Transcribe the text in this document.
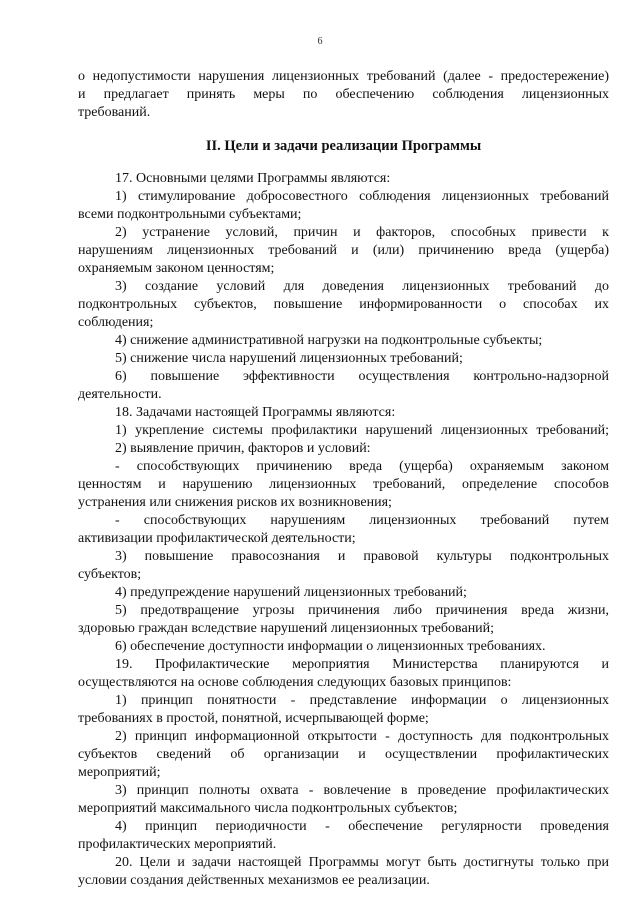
6
о недопустимости нарушения лицензионных требований (далее - предостережение)
и предлагает принять меры по обеспечению соблюдения лицензионных
требований.
II. Цели и задачи реализации Программы
17. Основными целями Программы являются:
1) стимулирование добросовестного соблюдения лицензионных требований
всеми подконтрольными субъектами;
2) устранение условий, причин и факторов, способных привести к
нарушениям лицензионных требований и (или) причинению вреда (ущерба)
охраняемым законом ценностям;
3) создание условий для доведения лицензионных требований до
подконтрольных субъектов, повышение информированности о способах их
соблюдения;
4) снижение административной нагрузки на подконтрольные субъекты;
5) снижение числа нарушений лицензионных требований;
6) повышение эффективности осуществления контрольно-надзорной
деятельности.
18. Задачами настоящей Программы являются:
1) укрепление системы профилактики нарушений лицензионных требований;
2) выявление причин, факторов и условий:
- способствующих причинению вреда (ущерба) охраняемым законом
ценностям и нарушению лицензионных требований, определение способов
устранения или снижения рисков их возникновения;
- способствующих нарушениям лицензионных требований путем
активизации профилактической деятельности;
3) повышение правосознания и правовой культуры подконтрольных
субъектов;
4) предупреждение нарушений лицензионных требований;
5) предотвращение угрозы причинения либо причинения вреда жизни,
здоровью граждан вследствие нарушений лицензионных требований;
6) обеспечение доступности информации о лицензионных требованиях.
19. Профилактические мероприятия Министерства планируются и
осуществляются на основе соблюдения следующих базовых принципов:
1) принцип понятности - представление информации о лицензионных
требованиях в простой, понятной, исчерпывающей форме;
2) принцип информационной открытости - доступность для подконтрольных
субъектов сведений об организации и осуществлении профилактических
мероприятий;
3) принцип полноты охвата - вовлечение в проведение профилактических
мероприятий максимального числа подконтрольных субъектов;
4) принцип периодичности - обеспечение регулярности проведения
профилактических мероприятий.
20. Цели и задачи настоящей Программы могут быть достигнуты только при
условии создания действенных механизмов ее реализации.
